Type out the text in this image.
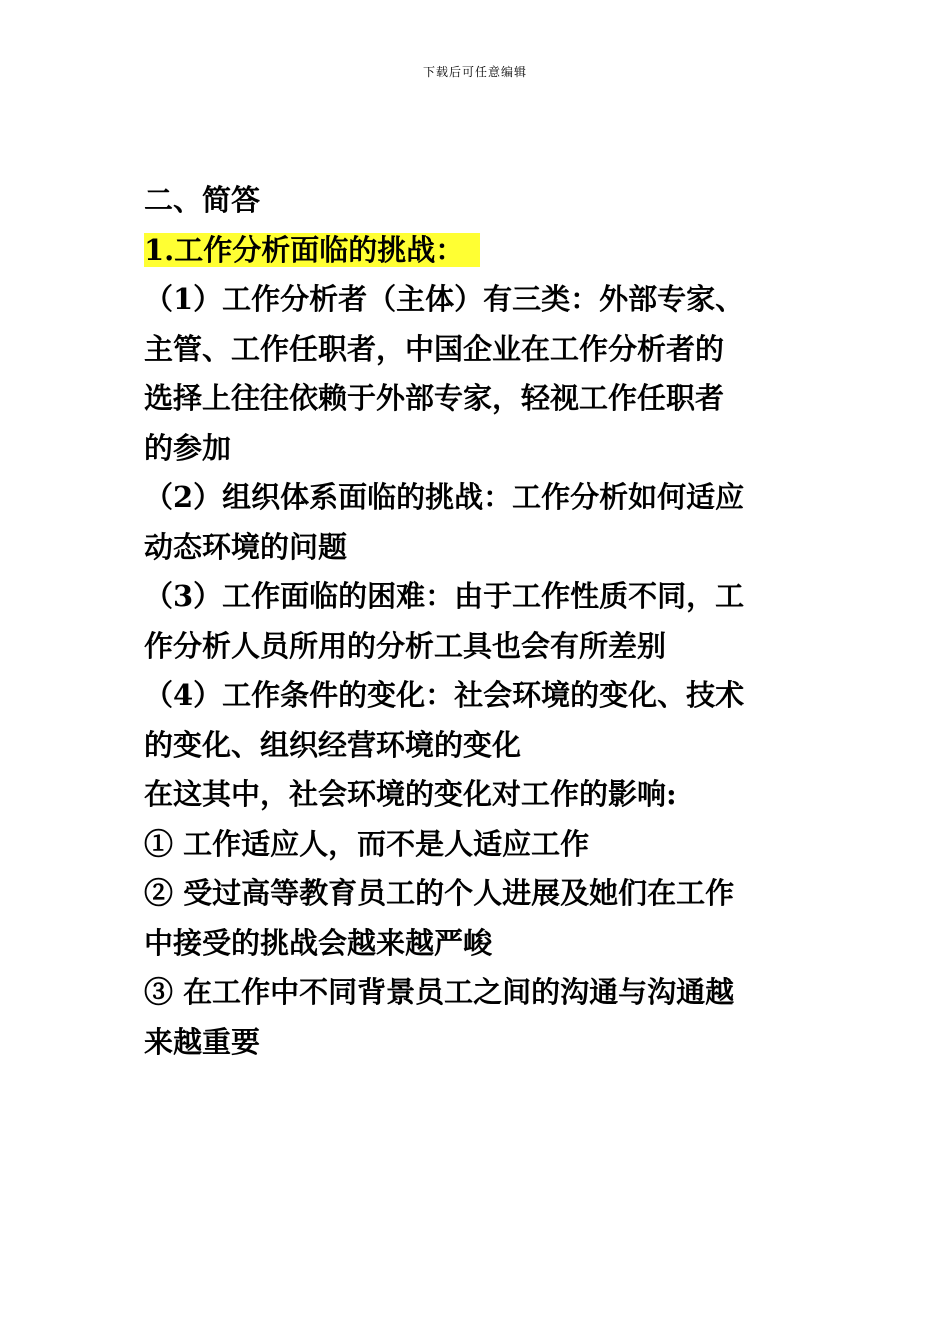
下载后可任意编辑
二、简答
1.工作分析面临的挑战：
（1）工作分析者（主体）有三类：外部专家、
主管、工作任职者，中国企业在工作分析者的
选择上往往依赖于外部专家，轻视工作任职者
的参加
（2）组织体系面临的挑战：工作分析如何适应
动态环境的问题
（3）工作面临的困难：由于工作性质不同，工
作分析人员所用的分析工具也会有所差别
（4）工作条件的变化：社会环境的变化、技术
的变化、组织经营环境的变化
在这其中，社会环境的变化对工作的影响:
① 工作适应人，而不是人适应工作
② 受过高等教育员工的个人进展及她们在工作
中接受的挑战会越来越严峻
③ 在工作中不同背景员工之间的沟通与沟通越
来越重要
